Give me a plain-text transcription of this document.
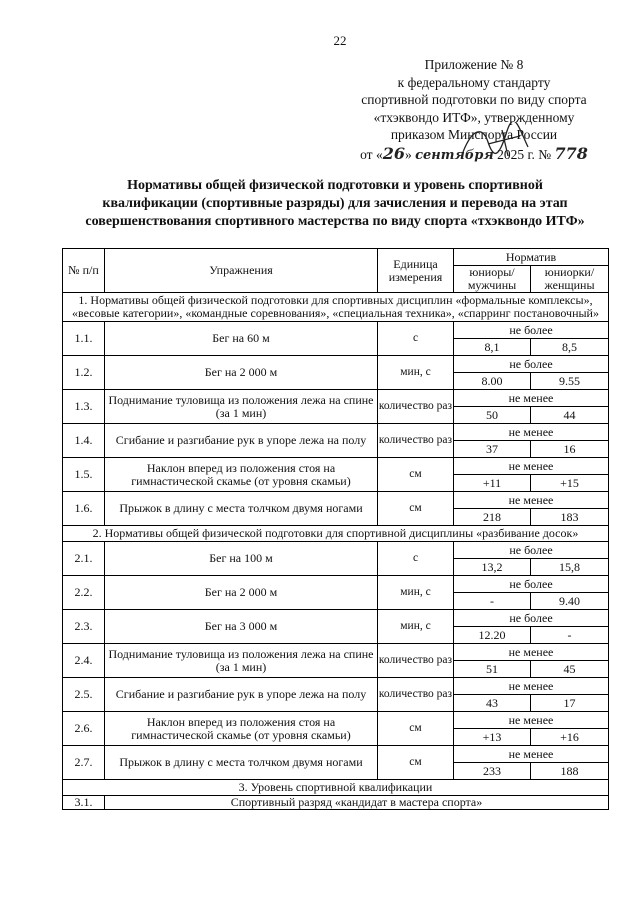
22
Приложение № 8
к федеральному стандарту
спортивной подготовки по виду спорта
«тхэквондо ИТФ», утвержденному
приказом Минспорта России
от «26» сентября 2025 г. № 778
Нормативы общей физической подготовки и уровень спортивной
квалификации (спортивные разряды) для зачисления и перевода на этап
совершенствования спортивного мастерства по виду спорта «тхэквондо ИТФ»
№ п/п	Упражнения	Единица измерения	Норматив	
			юниоры/ мужчины	юниорки/ женщины
1. Нормативы общей физической подготовки для спортивных дисциплин «формальные комплексы», «весовые категории», «командные соревнования», «специальная техника», «спарринг постановочный»				
1.1.	Бег на 60 м	с	не более	
			8,1	8,5
1.2.	Бег на 2 000 м	мин, с	не более	
			8.00	9.55
1.3.	Поднимание туловища из положения лежа на спине (за 1 мин)	количество раз	не менее	
			50	44
1.4.	Сгибание и разгибание рук в упоре лежа на полу	количество раз	не менее	
			37	16
1.5.	Наклон вперед из положения стоя на гимнастической скамье (от уровня скамьи)	см	не менее	
			+11	+15
1.6.	Прыжок в длину с места толчком двумя ногами	см	не менее	
			218	183
2. Нормативы общей физической подготовки для спортивной дисциплины «разбивание досок»				
2.1.	Бег на 100 м	с	не более	
			13,2	15,8
2.2.	Бег на 2 000 м	мин, с	не более	
			-	9.40
2.3.	Бег на 3 000 м	мин, с	не более	
			12.20	-
2.4.	Поднимание туловища из положения лежа на спине (за 1 мин)	количество раз	не менее	
			51	45
2.5.	Сгибание и разгибание рук в упоре лежа на полу	количество раз	не менее	
			43	17
2.6.	Наклон вперед из положения стоя на гимнастической скамье (от уровня скамьи)	см	не менее	
			+13	+16
2.7.	Прыжок в длину с места толчком двумя ногами	см	не менее	
			233	188
3. Уровень спортивной квалификации				
3.1.	Спортивный разряд «кандидат в мастера спорта»			
